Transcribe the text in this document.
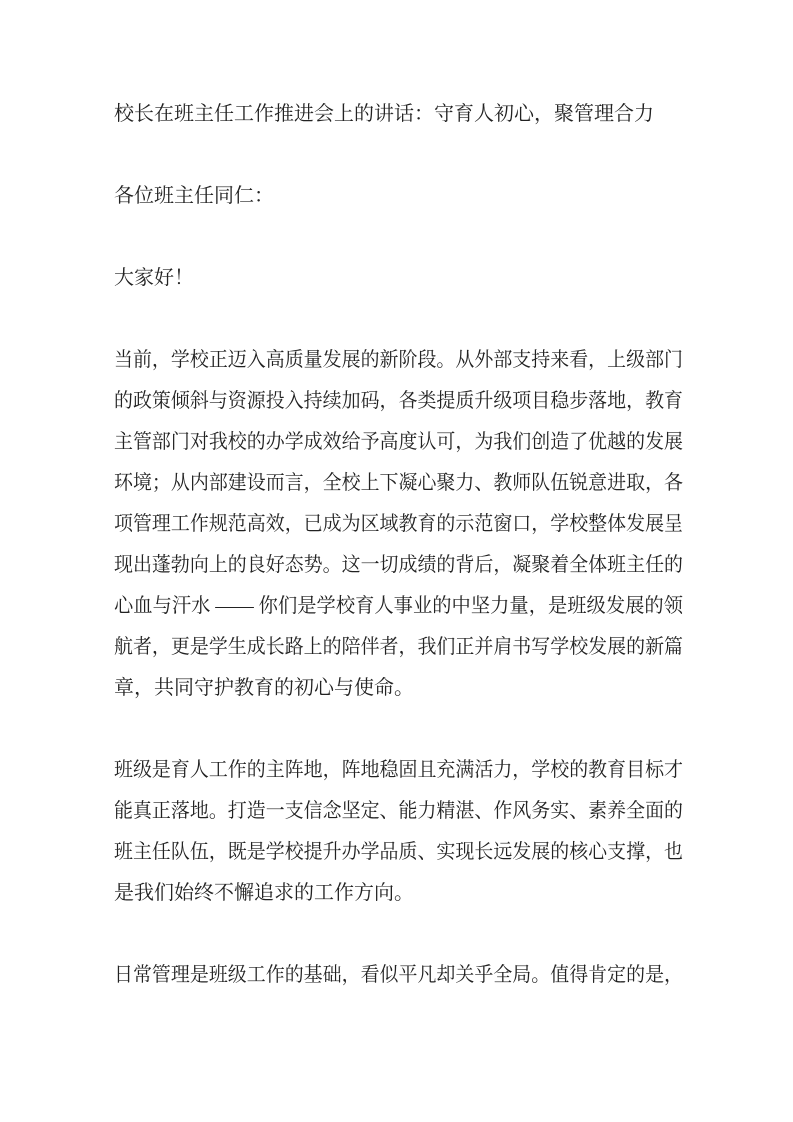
校长在班主任工作推进会上的讲话：守育人初心，聚管理合力
各位班主任同仁：
大家好！
当前，学校正迈入高质量发展的新阶段。从外部支持来看，上级部门
的政策倾斜与资源投入持续加码，各类提质升级项目稳步落地，教育
主管部门对我校的办学成效给予高度认可，为我们创造了优越的发展
环境；从内部建设而言，全校上下凝心聚力、教师队伍锐意进取，各
项管理工作规范高效，已成为区域教育的示范窗口，学校整体发展呈
现出蓬勃向上的良好态势。这一切成绩的背后，凝聚着全体班主任的
心血与汗水 —— 你们是学校育人事业的中坚力量，是班级发展的领
航者，更是学生成长路上的陪伴者，我们正并肩书写学校发展的新篇
章，共同守护教育的初心与使命。
班级是育人工作的主阵地，阵地稳固且充满活力，学校的教育目标才
能真正落地。打造一支信念坚定、能力精湛、作风务实、素养全面的
班主任队伍，既是学校提升办学品质、实现长远发展的核心支撑，也
是我们始终不懈追求的工作方向。
日常管理是班级工作的基础，看似平凡却关乎全局。值得肯定的是，
